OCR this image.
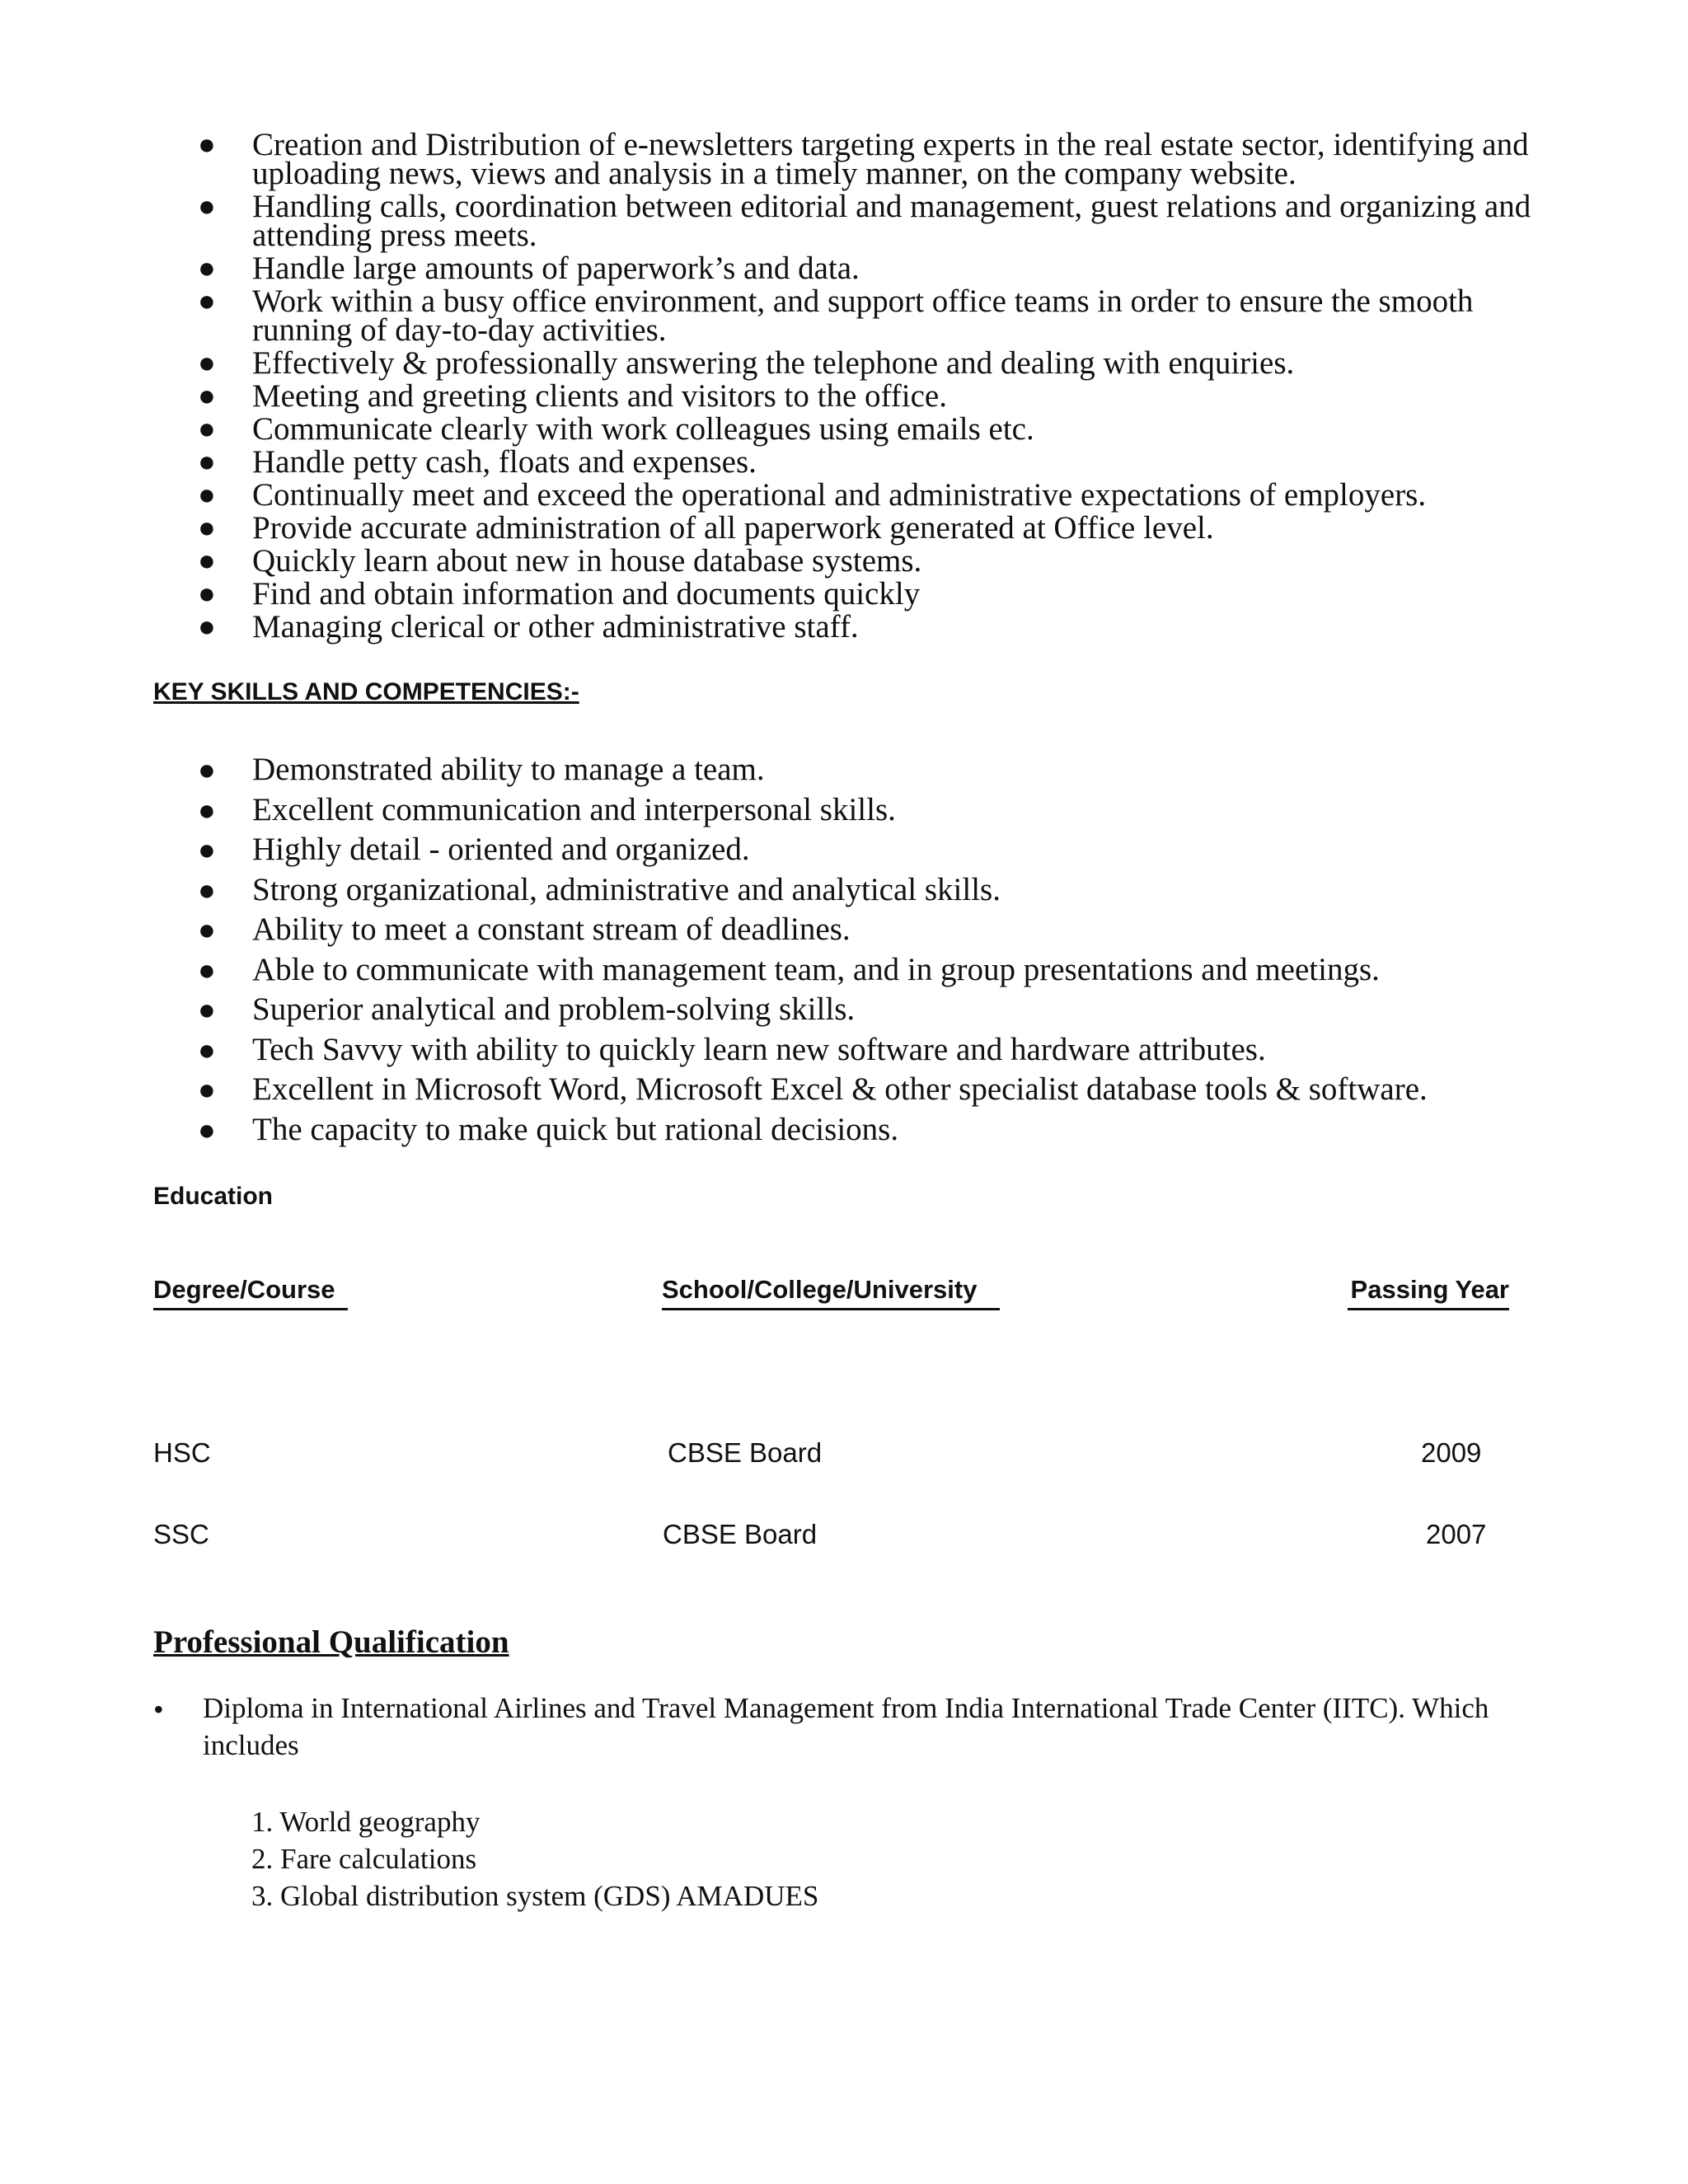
● Creation and Distribution of e-newsletters targeting experts in the real estate sector, identifying and uploading news, views and analysis in a timely manner, on the company website.
● Handling calls, coordination between editorial and management, guest relations and organizing and attending press meets.
● Handle large amounts of paperwork’s and data.
● Work within a busy office environment, and support office teams in order to ensure the smooth running of day-to-day activities.
● Effectively & professionally answering the telephone and dealing with enquiries.
● Meeting and greeting clients and visitors to the office.
● Communicate clearly with work colleagues using emails etc.
● Handle petty cash, floats and expenses.
● Continually meet and exceed the operational and administrative expectations of employers.
● Provide accurate administration of all paperwork generated at Office level.
● Quickly learn about new in house database systems.
● Find and obtain information and documents quickly
● Managing clerical or other administrative staff.
KEY SKILLS AND COMPETENCIES:-
● Demonstrated ability to manage a team.
● Excellent communication and interpersonal skills.
● Highly detail - oriented and organized.
● Strong organizational, administrative and analytical skills.
● Ability to meet a constant stream of deadlines.
● Able to communicate with management team, and in group presentations and meetings.
● Superior analytical and problem-solving skills.
● Tech Savvy with ability to quickly learn new software and hardware attributes.
● Excellent in Microsoft Word, Microsoft Excel & other specialist database tools & software.
● The capacity to make quick but rational decisions.
Education
Degree/Course	School/College/University	Passing Year
HSC	CBSE Board	2009
SSC	CBSE Board	2007
Professional Qualification
• Diploma in International Airlines and Travel Management from India International Trade Center (IITC). Which includes
1. World geography
2. Fare calculations
3. Global distribution system (GDS) AMADUES
